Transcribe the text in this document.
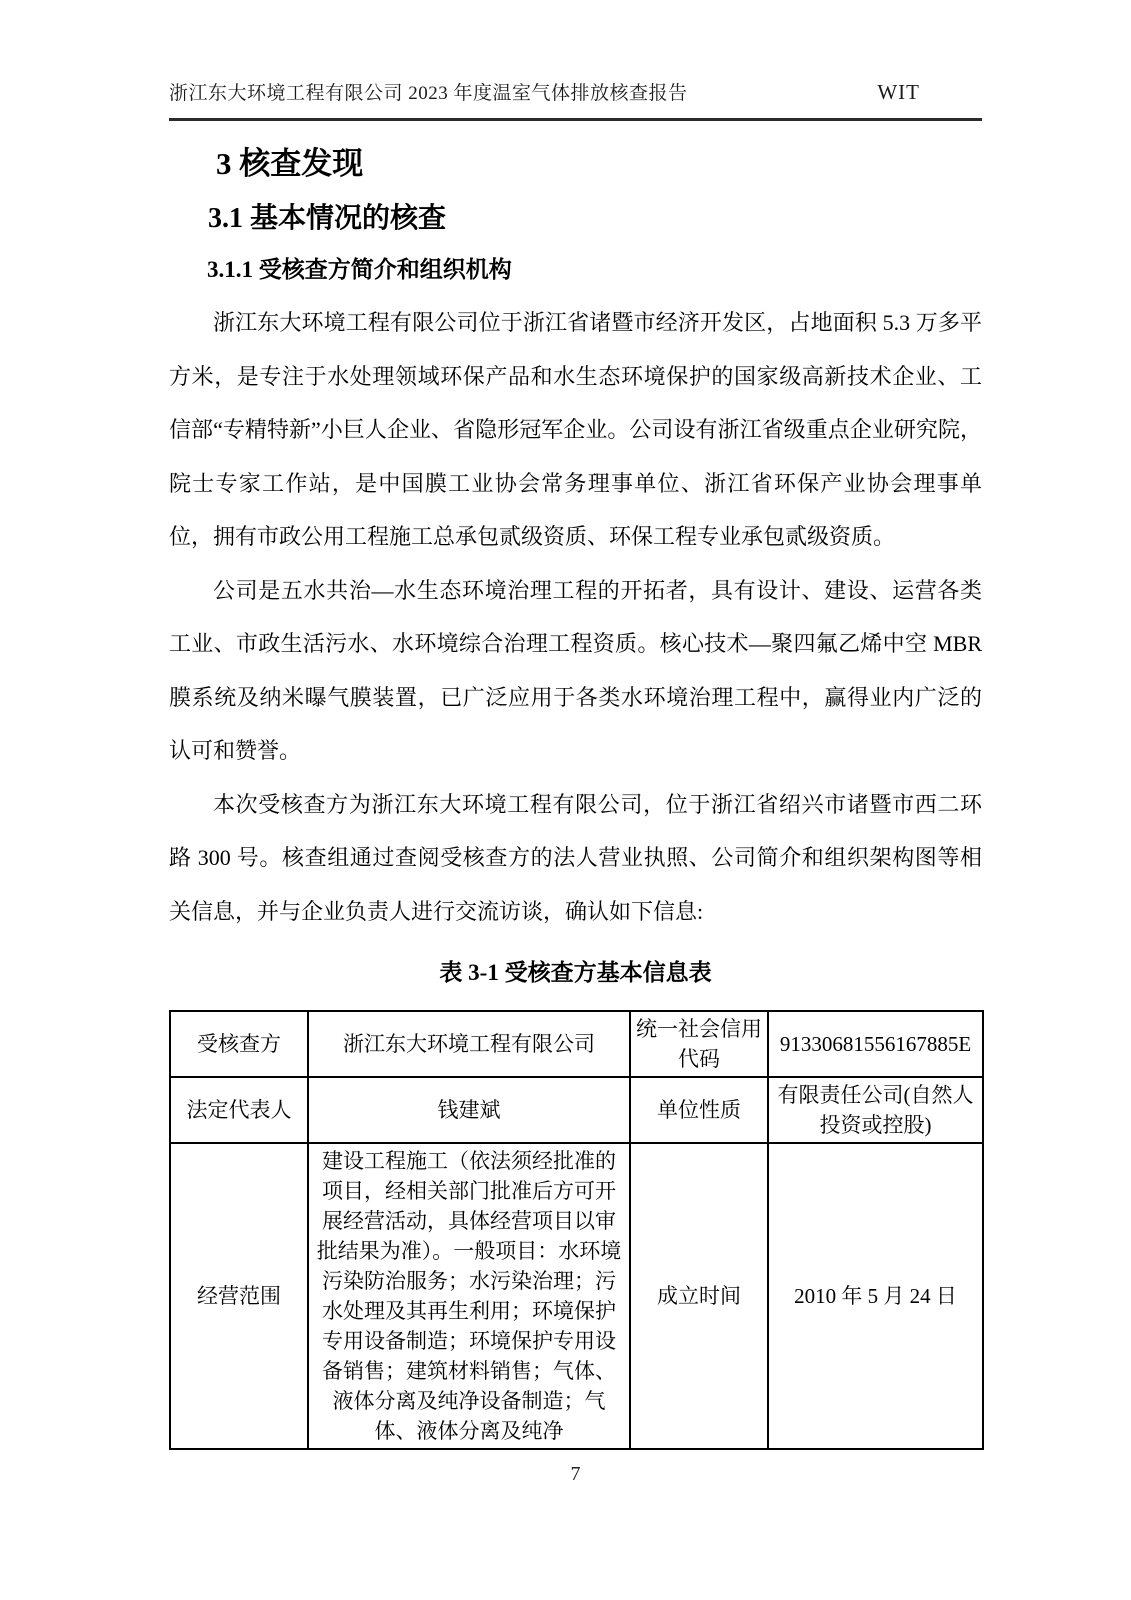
浙江东大环境工程有限公司 2023 年度温室气体排放核查报告	WIT
3 核查发现
3.1 基本情况的核查
3.1.1 受核查方简介和组织机构

浙江东大环境工程有限公司位于浙江省诸暨市经济开发区，占地面积 5.3 万多平方米，是专注于水处理领域环保产品和水生态环境保护的国家级高新技术企业、工信部“专精特新”小巨人企业、省隐形冠军企业。公司设有浙江省级重点企业研究院，院士专家工作站，是中国膜工业协会常务理事单位、浙江省环保产业协会理事单位，拥有市政公用工程施工总承包贰级资质、环保工程专业承包贰级资质。

公司是五水共治—水生态环境治理工程的开拓者，具有设计、建设、运营各类工业、市政生活污水、水环境综合治理工程资质。核心技术—聚四氟乙烯中空 MBR 膜系统及纳米曝气膜装置，已广泛应用于各类水环境治理工程中，赢得业内广泛的认可和赞誉。

本次受核查方为浙江东大环境工程有限公司，位于浙江省绍兴市诸暨市西二环路 300 号。核查组通过查阅受核查方的法人营业执照、公司简介和组织架构图等相关信息，并与企业负责人进行交流访谈，确认如下信息:

表 3-1 受核查方基本信息表
受核查方	浙江东大环境工程有限公司	统一社会信用代码	91330681556167885E
法定代表人	钱建斌	单位性质	有限责任公司(自然人投资或控股)
经营范围	建设工程施工（依法须经批准的项目，经相关部门批准后方可开展经营活动，具体经营项目以审批结果为准）。一般项目：水环境污染防治服务；水污染治理；污水处理及其再生利用；环境保护专用设备制造；环境保护专用设备销售；建筑材料销售；气体、液体分离及纯净设备制造；气体、液体分离及纯净	成立时间	2010 年 5 月 24 日
7
